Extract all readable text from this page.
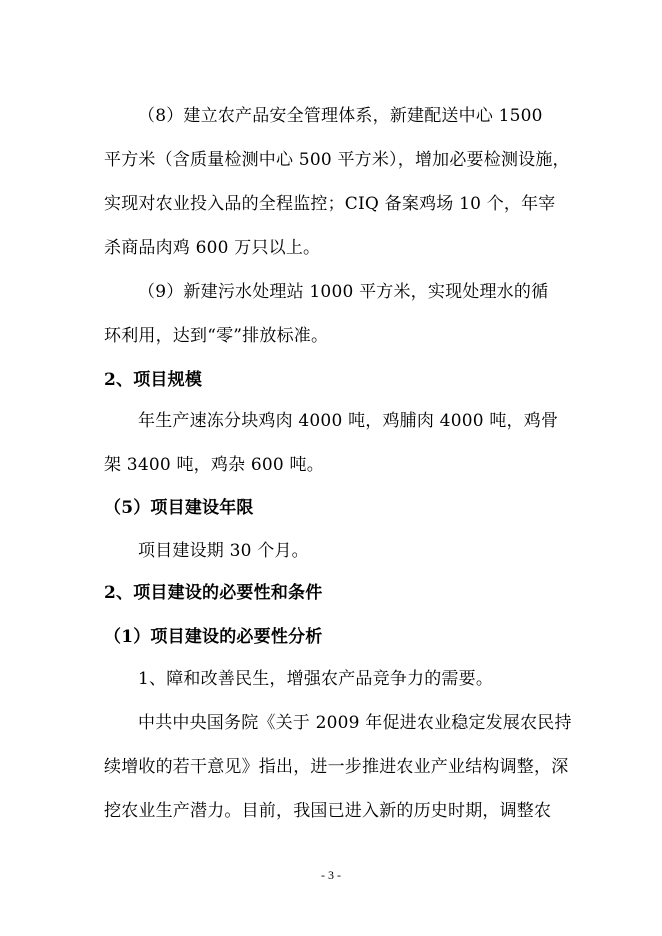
（8）建立农产品安全管理体系，新建配送中心 1500
平方米（含质量检测中心 500 平方米），增加必要检测设施，
实现对农业投入品的全程监控；CIQ 备案鸡场 10 个，年宰
杀商品肉鸡 600 万只以上。
（9）新建污水处理站 1000 平方米，实现处理水的循
环利用，达到“零”排放标准。
2、项目规模
年生产速冻分块鸡肉 4000 吨，鸡脯肉 4000 吨，鸡骨
架 3400 吨，鸡杂 600 吨。
（5）项目建设年限
项目建设期 30 个月。
2、项目建设的必要性和条件
（1）项目建设的必要性分析
1、障和改善民生，增强农产品竞争力的需要。
中共中央国务院《关于 2009 年促进农业稳定发展农民持
续增收的若干意见》指出，进一步推进农业产业结构调整，深
挖农业生产潜力。目前，我国已进入新的历史时期，调整农
- 3 -
